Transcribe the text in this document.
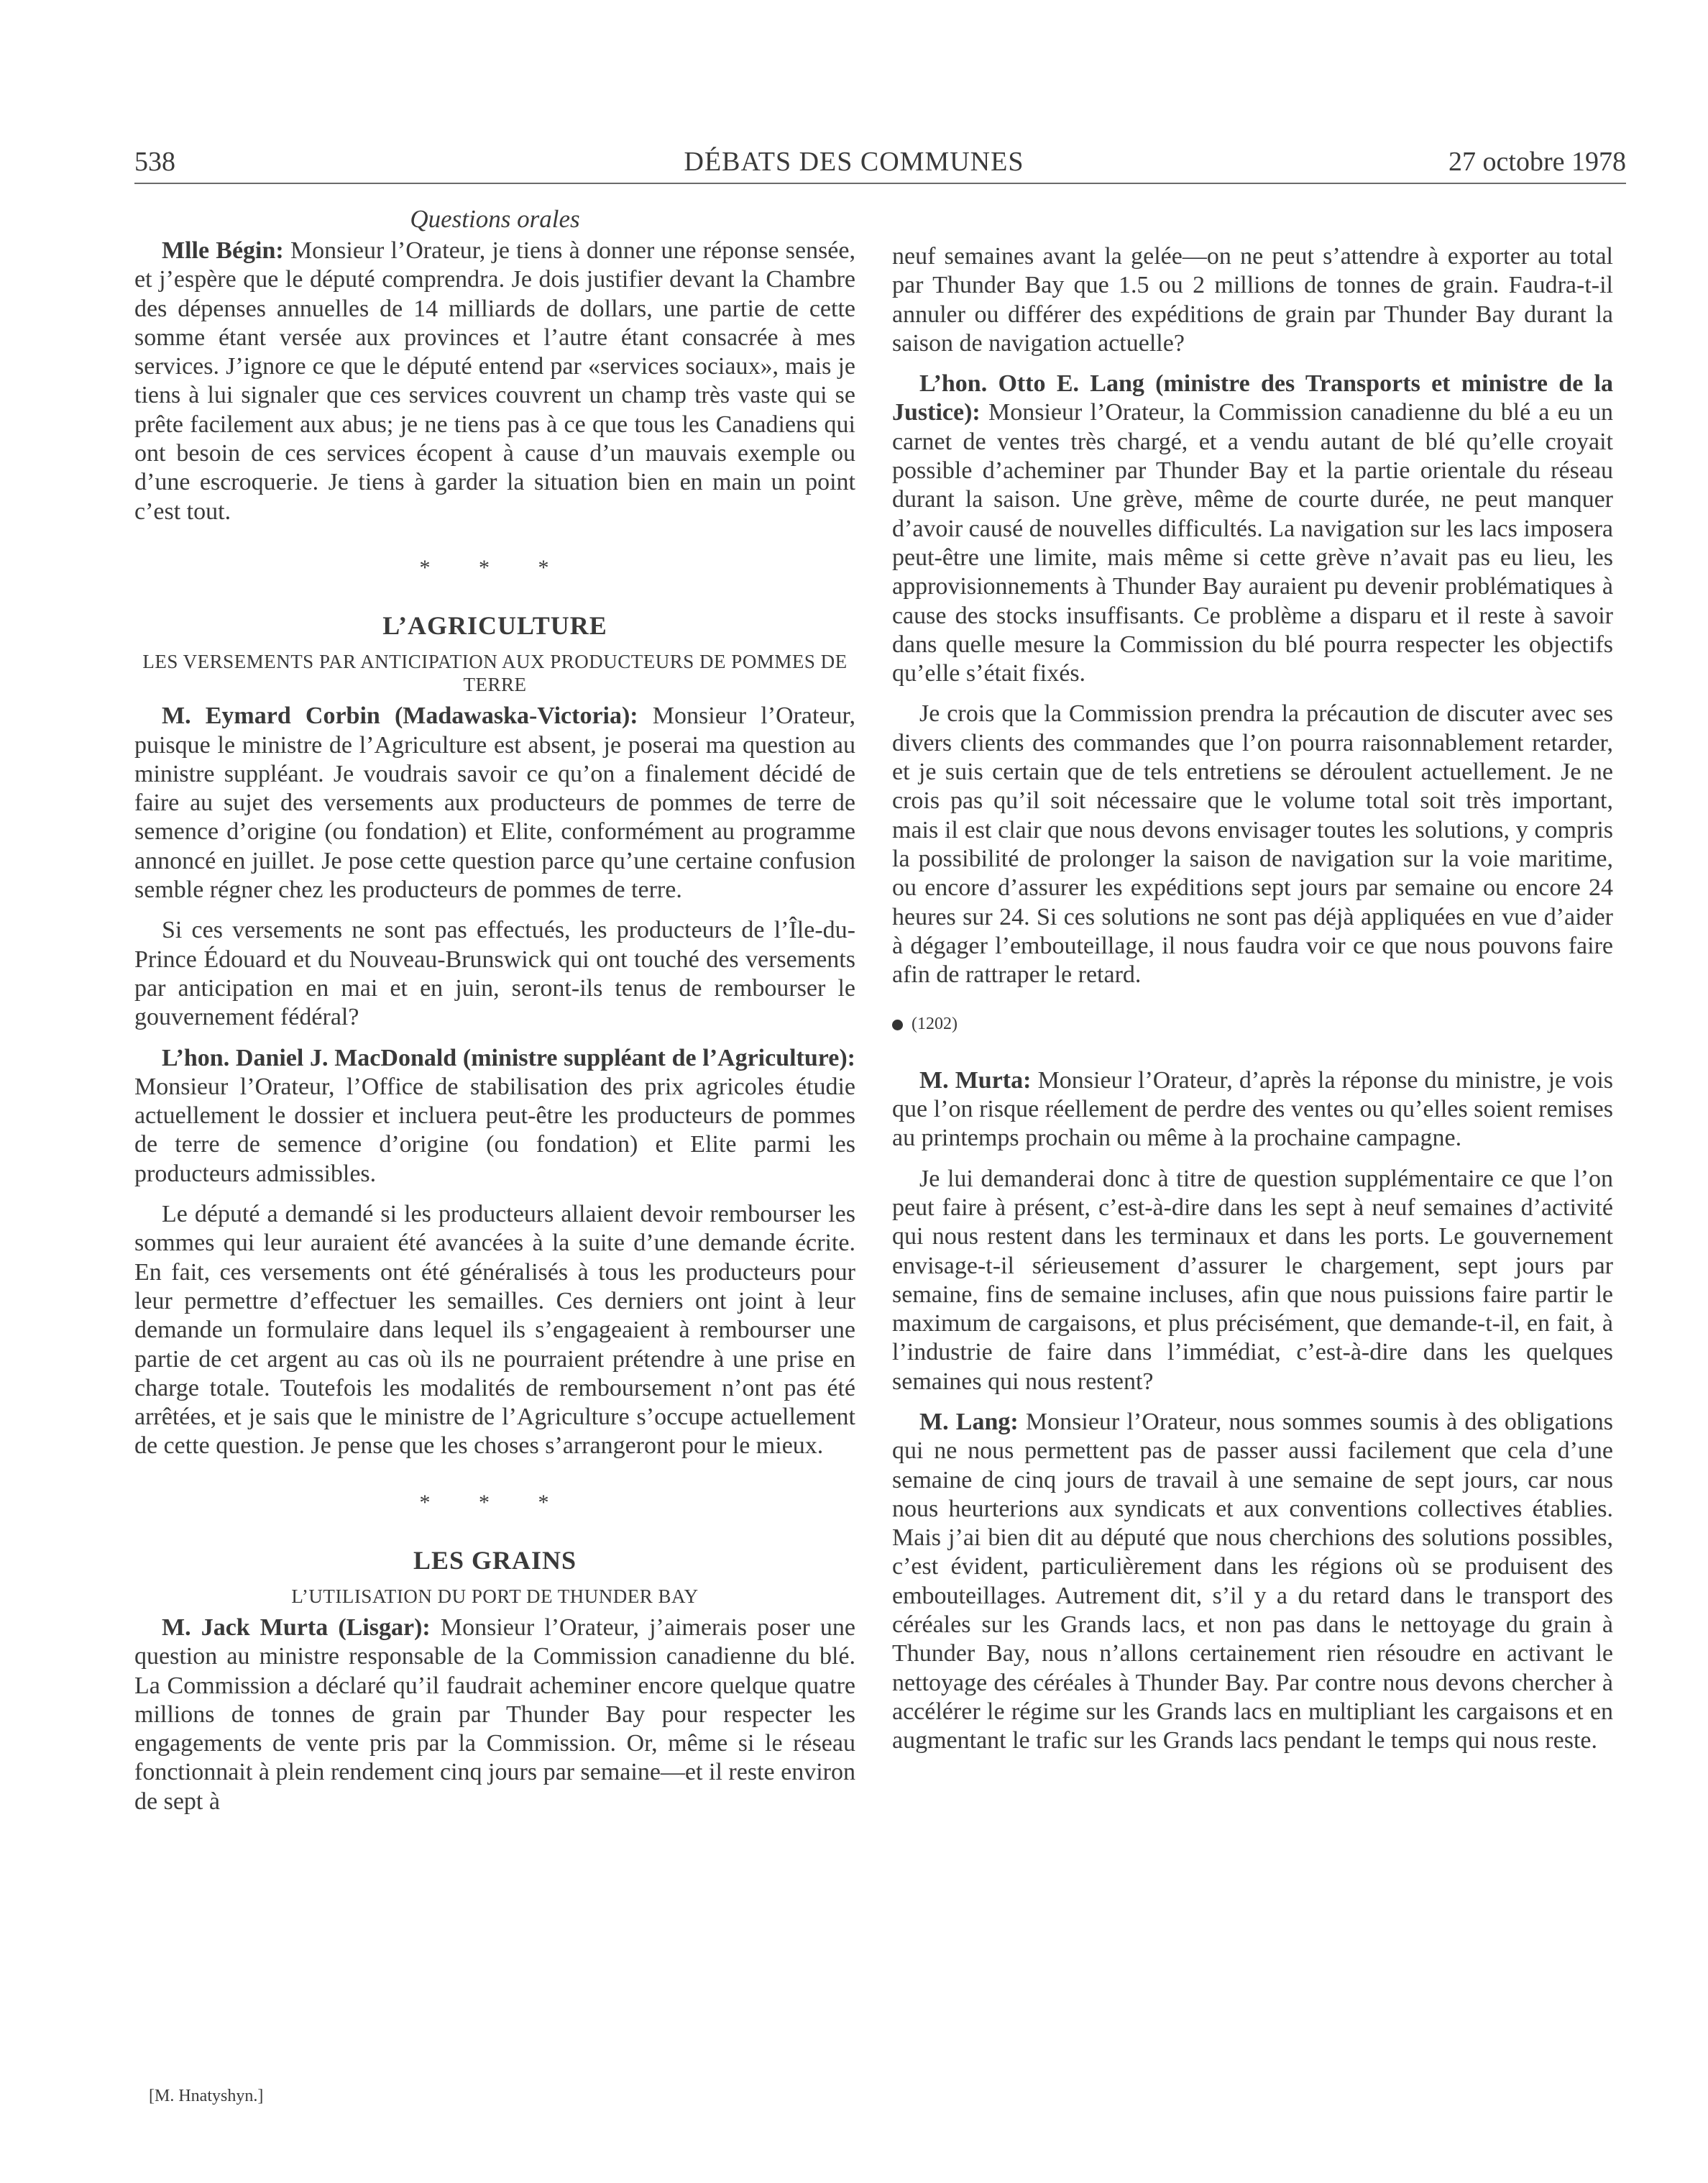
538	DÉBATS DES COMMUNES	27 octobre 1978
Questions orales

Mlle Bégin: Monsieur l’Orateur, je tiens à donner une réponse sensée, et j’espère que le député comprendra. Je dois justifier devant la Chambre des dépenses annuelles de 14 milliards de dollars, une partie de cette somme étant versée aux provinces et l’autre étant consacrée à mes services. J’ignore ce que le député entend par «services sociaux», mais je tiens à lui signaler que ces services couvrent un champ très vaste qui se prête facilement aux abus; je ne tiens pas à ce que tous les Canadiens qui ont besoin de ces services écopent à cause d’un mauvais exemple ou d’une escroquerie. Je tiens à garder la situation bien en main un point c’est tout.

* * *
L’AGRICULTURE
LES VERSEMENTS PAR ANTICIPATION AUX PRODUCTEURS DE POMMES DE TERRE

M. Eymard Corbin (Madawaska-Victoria): Monsieur l’Orateur, puisque le ministre de l’Agriculture est absent, je poserai ma question au ministre suppléant. Je voudrais savoir ce qu’on a finalement décidé de faire au sujet des versements aux producteurs de pommes de terre de semence d’origine (ou fondation) et Elite, conformément au programme annoncé en juillet. Je pose cette question parce qu’une certaine confusion semble régner chez les producteurs de pommes de terre.

Si ces versements ne sont pas effectués, les producteurs de l’Île-du-Prince Édouard et du Nouveau-Brunswick qui ont touché des versements par anticipation en mai et en juin, seront-ils tenus de rembourser le gouvernement fédéral?

L’hon. Daniel J. MacDonald (ministre suppléant de l’Agriculture): Monsieur l’Orateur, l’Office de stabilisation des prix agricoles étudie actuellement le dossier et incluera peut-être les producteurs de pommes de terre de semence d’origine (ou fondation) et Elite parmi les producteurs admissibles.

Le député a demandé si les producteurs allaient devoir rembourser les sommes qui leur auraient été avancées à la suite d’une demande écrite. En fait, ces versements ont été généralisés à tous les producteurs pour leur permettre d’effectuer les semailles. Ces derniers ont joint à leur demande un formulaire dans lequel ils s’engageaient à rembourser une partie de cet argent au cas où ils ne pourraient prétendre à une prise en charge totale. Toutefois les modalités de remboursement n’ont pas été arrêtées, et je sais que le ministre de l’Agriculture s’occupe actuellement de cette question. Je pense que les choses s’arrangeront pour le mieux.

* * *
LES GRAINS
L’UTILISATION DU PORT DE THUNDER BAY

M. Jack Murta (Lisgar): Monsieur l’Orateur, j’aimerais poser une question au ministre responsable de la Commission canadienne du blé. La Commission a déclaré qu’il faudrait acheminer encore quelque quatre millions de tonnes de grain par Thunder Bay pour respecter les engagements de vente pris par la Commission. Or, même si le réseau fonctionnait à plein rendement cinq jours par semaine—et il reste environ de sept à

neuf semaines avant la gelée—on ne peut s’attendre à exporter au total par Thunder Bay que 1.5 ou 2 millions de tonnes de grain. Faudra-t-il annuler ou différer des expéditions de grain par Thunder Bay durant la saison de navigation actuelle?

L’hon. Otto E. Lang (ministre des Transports et ministre de la Justice): Monsieur l’Orateur, la Commission canadienne du blé a eu un carnet de ventes très chargé, et a vendu autant de blé qu’elle croyait possible d’acheminer par Thunder Bay et la partie orientale du réseau durant la saison. Une grève, même de courte durée, ne peut manquer d’avoir causé de nouvelles difficultés. La navigation sur les lacs imposera peut-être une limite, mais même si cette grève n’avait pas eu lieu, les approvisionnements à Thunder Bay auraient pu devenir problématiques à cause des stocks insuffisants. Ce problème a disparu et il reste à savoir dans quelle mesure la Commission du blé pourra respecter les objectifs qu’elle s’était fixés.

Je crois que la Commission prendra la précaution de discuter avec ses divers clients des commandes que l’on pourra raisonnablement retarder, et je suis certain que de tels entretiens se déroulent actuellement. Je ne crois pas qu’il soit nécessaire que le volume total soit très important, mais il est clair que nous devons envisager toutes les solutions, y compris la possibilité de prolonger la saison de navigation sur la voie maritime, ou encore d’assurer les expéditions sept jours par semaine ou encore 24 heures sur 24. Si ces solutions ne sont pas déjà appliquées en vue d’aider à dégager l’embouteillage, il nous faudra voir ce que nous pouvons faire afin de rattraper le retard.

(1202)

M. Murta: Monsieur l’Orateur, d’après la réponse du ministre, je vois que l’on risque réellement de perdre des ventes ou qu’elles soient remises au printemps prochain ou même à la prochaine campagne.

Je lui demanderai donc à titre de question supplémentaire ce que l’on peut faire à présent, c’est-à-dire dans les sept à neuf semaines d’activité qui nous restent dans les terminaux et dans les ports. Le gouvernement envisage-t-il sérieusement d’assurer le chargement, sept jours par semaine, fins de semaine incluses, afin que nous puissions faire partir le maximum de cargaisons, et plus précisément, que demande-t-il, en fait, à l’industrie de faire dans l’immédiat, c’est-à-dire dans les quelques semaines qui nous restent?

M. Lang: Monsieur l’Orateur, nous sommes soumis à des obligations qui ne nous permettent pas de passer aussi facilement que cela d’une semaine de cinq jours de travail à une semaine de sept jours, car nous nous heurterions aux syndicats et aux conventions collectives établies. Mais j’ai bien dit au député que nous cherchions des solutions possibles, c’est évident, particulièrement dans les régions où se produisent des embouteillages. Autrement dit, s’il y a du retard dans le transport des céréales sur les Grands lacs, et non pas dans le nettoyage du grain à Thunder Bay, nous n’allons certainement rien résoudre en activant le nettoyage des céréales à Thunder Bay. Par contre nous devons chercher à accélérer le régime sur les Grands lacs en multipliant les cargaisons et en augmentant le trafic sur les Grands lacs pendant le temps qui nous reste.

[M. Hnatyshyn.]
